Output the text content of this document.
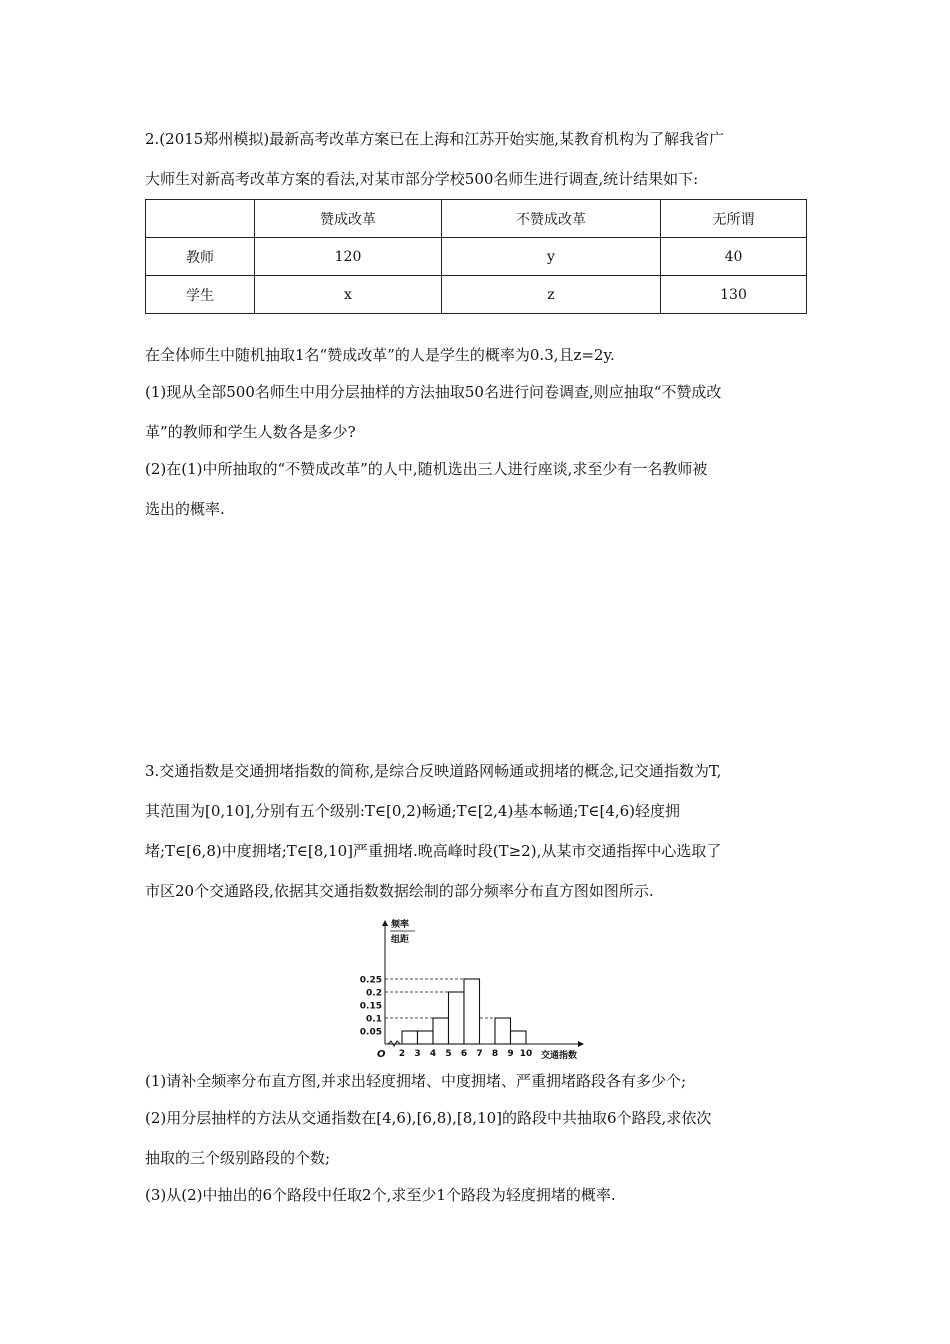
2.(2015郑州模拟)最新高考改革方案已在上海和江苏开始实施,某教育机构为了解我省广
大师生对新高考改革方案的看法,对某市部分学校500名师生进行调查,统计结果如下:
	赞成改革	不赞成改革	无所谓
教师	120	y	40
学生	x	z	130
在全体师生中随机抽取1名“赞成改革”的人是学生的概率为0.3,且z=2y.
(1)现从全部500名师生中用分层抽样的方法抽取50名进行问卷调查,则应抽取“不赞成改
革”的教师和学生人数各是多少?
(2)在(1)中所抽取的“不赞成改革”的人中,随机选出三人进行座谈,求至少有一名教师被
选出的概率.
3.交通指数是交通拥堵指数的简称,是综合反映道路网畅通或拥堵的概念,记交通指数为T,
其范围为[0,10],分别有五个级别:T∈[0,2)畅通;T∈[2,4)基本畅通;T∈[4,6)轻度拥
堵;T∈[6,8)中度拥堵;T∈[8,10]严重拥堵.晚高峰时段(T≥2),从某市交通指挥中心选取了
市区20个交通路段,依据其交通指数数据绘制的部分频率分布直方图如图所示.
0.25
0.2
0.15
0.1
0.05
2 3 4 5 6 7 8 9 10
O
频率
组距
交通指数
(1)请补全频率分布直方图,并求出轻度拥堵、中度拥堵、严重拥堵路段各有多少个;
(2)用分层抽样的方法从交通指数在[4,6),[6,8),[8,10]的路段中共抽取6个路段,求依次
抽取的三个级别路段的个数;
(3)从(2)中抽出的6个路段中任取2个,求至少1个路段为轻度拥堵的概率.
